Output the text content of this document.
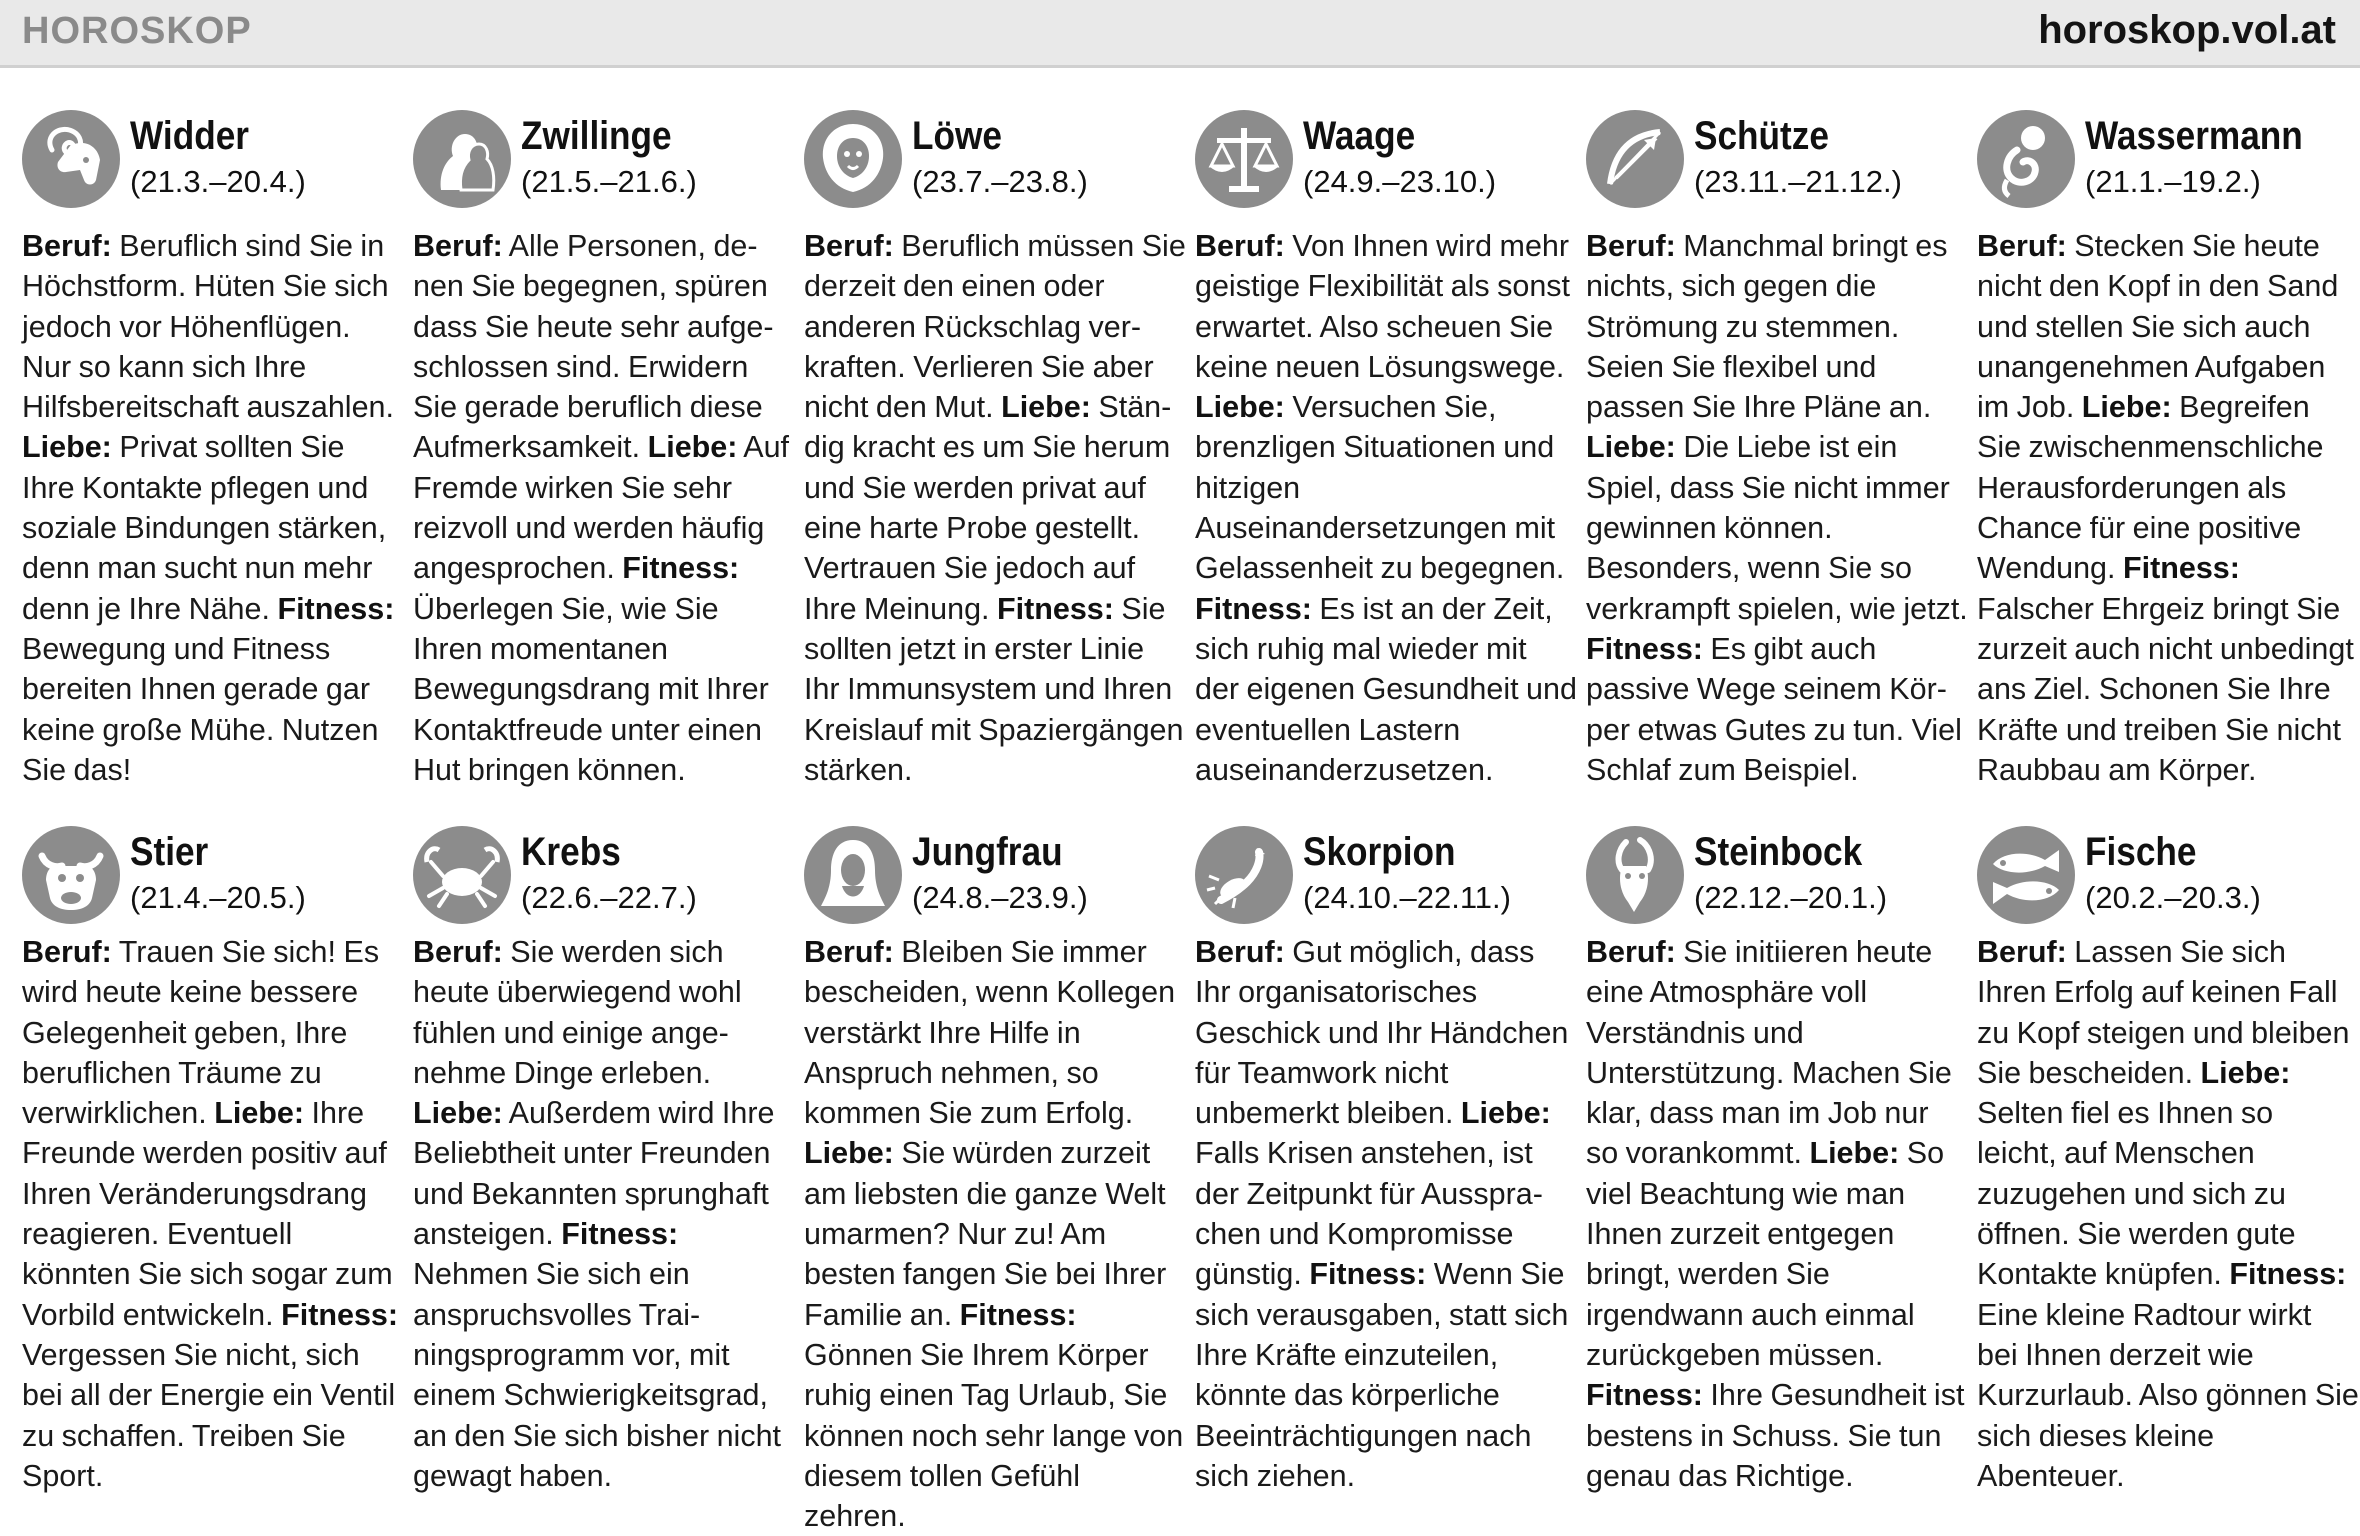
HOROSKOP	horoskop.vol.at
Widder
(21.3.–20.4.)
Beruf: Beruflich sind Sie in Höchstform. Hüten Sie sich jedoch vor Höhenflügen. Nur so kann sich Ihre Hilfsbereitschaft auszahlen. Liebe: Privat sollten Sie Ihre Kontakte pflegen und soziale Bindungen stärken, denn man sucht nun mehr denn je Ihre Nähe. Fitness: Bewegung und Fitness bereiten Ihnen gerade gar keine große Mühe. Nutzen Sie das!
Zwillinge
(21.5.–21.6.)
Beruf: Alle Personen, denen Sie begegnen, spüren dass Sie heute sehr aufgeschlossen sind. Erwidern Sie gerade beruflich diese Aufmerksamkeit. Liebe: Auf Fremde wirken Sie sehr reizvoll und werden häufig angesprochen. Fitness: Überlegen Sie, wie Sie Ihren momentanen Bewegungsdrang mit Ihrer Kontaktfreude unter einen Hut bringen können.
Löwe
(23.7.–23.8.)
Beruf: Beruflich müssen Sie derzeit den einen oder anderen Rückschlag verkraften. Verlieren Sie aber nicht den Mut. Liebe: Ständig kracht es um Sie herum und Sie werden privat auf eine harte Probe gestellt. Vertrauen Sie jedoch auf Ihre Meinung. Fitness: Sie sollten jetzt in erster Linie Ihr Immunsystem und Ihren Kreislauf mit Spaziergängen stärken.
Waage
(24.9.–23.10.)
Beruf: Von Ihnen wird mehr geistige Flexibilität als sonst erwartet. Also scheuen Sie keine neuen Lösungswege. Liebe: Versuchen Sie, brenzligen Situationen und hitzigen Auseinandersetzungen mit Gelassenheit zu begegnen. Fitness: Es ist an der Zeit, sich ruhig mal wieder mit der eigenen Gesundheit und eventuellen Lastern auseinanderzusetzen.
Schütze
(23.11.–21.12.)
Beruf: Manchmal bringt es nichts, sich gegen die Strömung zu stemmen. Seien Sie flexibel und passen Sie Ihre Pläne an. Liebe: Die Liebe ist ein Spiel, dass Sie nicht immer gewinnen können. Besonders, wenn Sie so verkrampft spielen, wie jetzt. Fitness: Es gibt auch passive Wege seinem Körper etwas Gutes zu tun. Viel Schlaf zum Beispiel.
Wassermann
(21.1.–19.2.)
Beruf: Stecken Sie heute nicht den Kopf in den Sand und stellen Sie sich auch unangenehmen Aufgaben im Job. Liebe: Begreifen Sie zwischenmenschliche Herausforderungen als Chance für eine positive Wendung. Fitness: Falscher Ehrgeiz bringt Sie zurzeit auch nicht unbedingt ans Ziel. Schonen Sie Ihre Kräfte und treiben Sie nicht Raubbau am Körper.
Stier
(21.4.–20.5.)
Beruf: Trauen Sie sich! Es wird heute keine bessere Gelegenheit geben, Ihre beruflichen Träume zu verwirklichen. Liebe: Ihre Freunde werden positiv auf Ihren Veränderungsdrang reagieren. Eventuell könnten Sie sich sogar zum Vorbild entwickeln. Fitness: Vergessen Sie nicht, sich bei all der Energie ein Ventil zu schaffen. Treiben Sie Sport.
Krebs
(22.6.–22.7.)
Beruf: Sie werden sich heute überwiegend wohl fühlen und einige angenehme Dinge erleben. Liebe: Außerdem wird Ihre Beliebtheit unter Freunden und Bekannten sprunghaft ansteigen. Fitness: Nehmen Sie sich ein anspruchsvolles Trainingsprogramm vor, mit einem Schwierigkeitsgrad, an den Sie sich bisher nicht gewagt haben.
Jungfrau
(24.8.–23.9.)
Beruf: Bleiben Sie immer bescheiden, wenn Kollegen verstärkt Ihre Hilfe in Anspruch nehmen, so kommen Sie zum Erfolg. Liebe: Sie würden zurzeit am liebsten die ganze Welt umarmen? Nur zu! Am besten fangen Sie bei Ihrer Familie an. Fitness: Gönnen Sie Ihrem Körper ruhig einen Tag Urlaub, Sie können noch sehr lange von diesem tollen Gefühl zehren.
Skorpion
(24.10.–22.11.)
Beruf: Gut möglich, dass Ihr organisatorisches Geschick und Ihr Händchen für Teamwork nicht unbemerkt bleiben. Liebe: Falls Krisen anstehen, ist der Zeitpunkt für Aussprachen und Kompromisse günstig. Fitness: Wenn Sie sich verausgaben, statt sich Ihre Kräfte einzuteilen, könnte das körperliche Beeinträchtigungen nach sich ziehen.
Steinbock
(22.12.–20.1.)
Beruf: Sie initiieren heute eine Atmosphäre voll Verständnis und Unterstützung. Machen Sie klar, dass man im Job nur so vorankommt. Liebe: So viel Beachtung wie man Ihnen zurzeit entgegen bringt, werden Sie irgendwann auch einmal zurückgeben müssen. Fitness: Ihre Gesundheit ist bestens in Schuss. Sie tun genau das Richtige.
Fische
(20.2.–20.3.)
Beruf: Lassen Sie sich Ihren Erfolg auf keinen Fall zu Kopf steigen und bleiben Sie bescheiden. Liebe: Selten fiel es Ihnen so leicht, auf Menschen zuzugehen und sich zu öffnen. Sie werden gute Kontakte knüpfen. Fitness: Eine kleine Radtour wirkt bei Ihnen derzeit wie Kurzurlaub. Also gönnen Sie sich dieses kleine Abenteuer.
